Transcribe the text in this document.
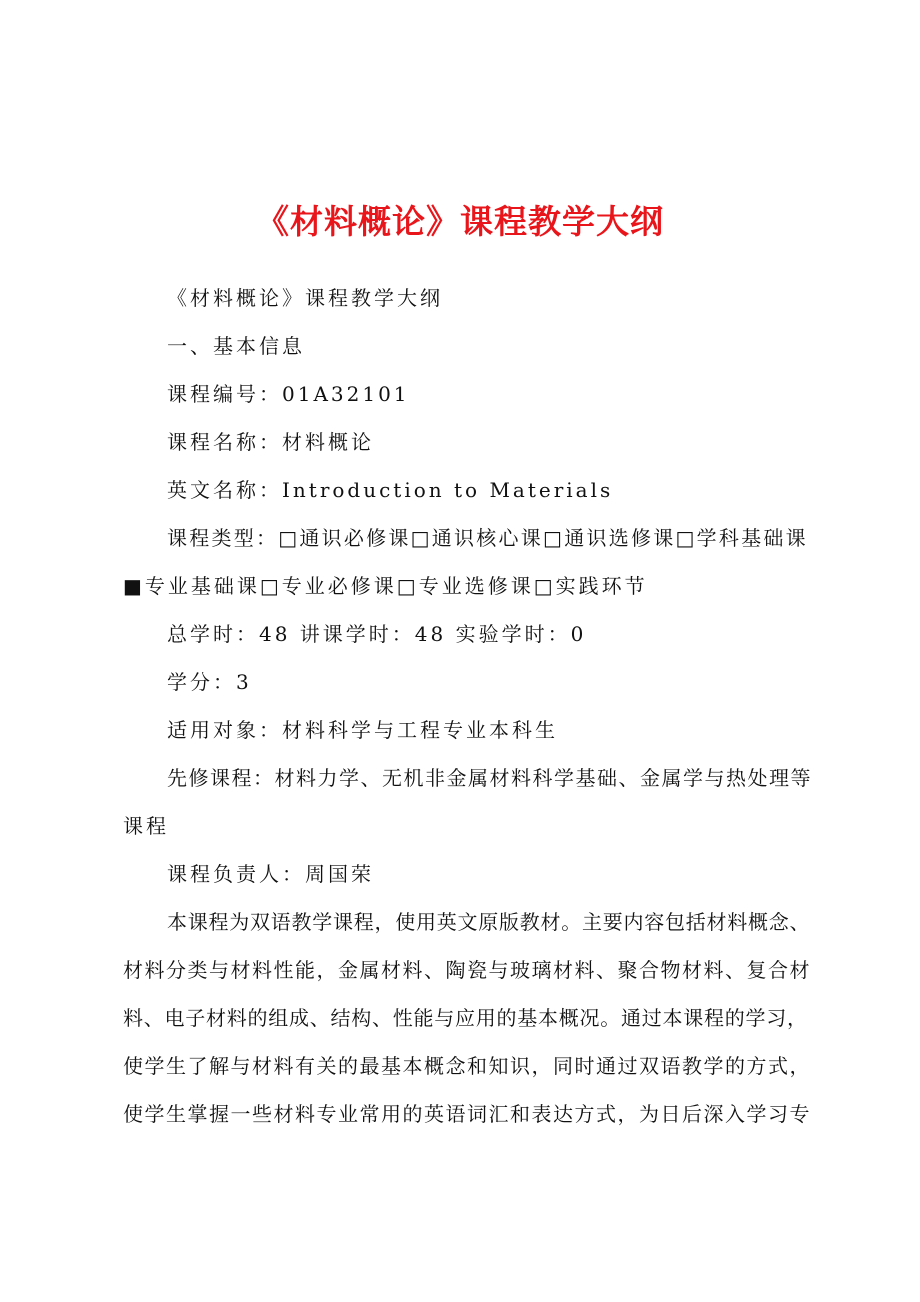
《材料概论》课程教学大纲
《材料概论》课程教学大纲
一、基本信息
课程编号：01A32101
课程名称：材料概论
英文名称：Introduction to Materials
课程类型：□通识必修课□通识核心课□通识选修课□学科基础课
■专业基础课□专业必修课□专业选修课□实践环节
总学时：48 讲课学时：48 实验学时：0
学分：3
适用对象：材料科学与工程专业本科生
先修课程：材料力学、无机非金属材料科学基础、金属学与热处理等
课程
课程负责人：周国荣
本课程为双语教学课程，使用英文原版教材。主要内容包括材料概念、
材料分类与材料性能，金属材料、陶瓷与玻璃材料、聚合物材料、复合材
料、电子材料的组成、结构、性能与应用的基本概况。通过本课程的学习，
使学生了解与材料有关的最基本概念和知识，同时通过双语教学的方式，
使学生掌握一些材料专业常用的英语词汇和表达方式，为日后深入学习专
